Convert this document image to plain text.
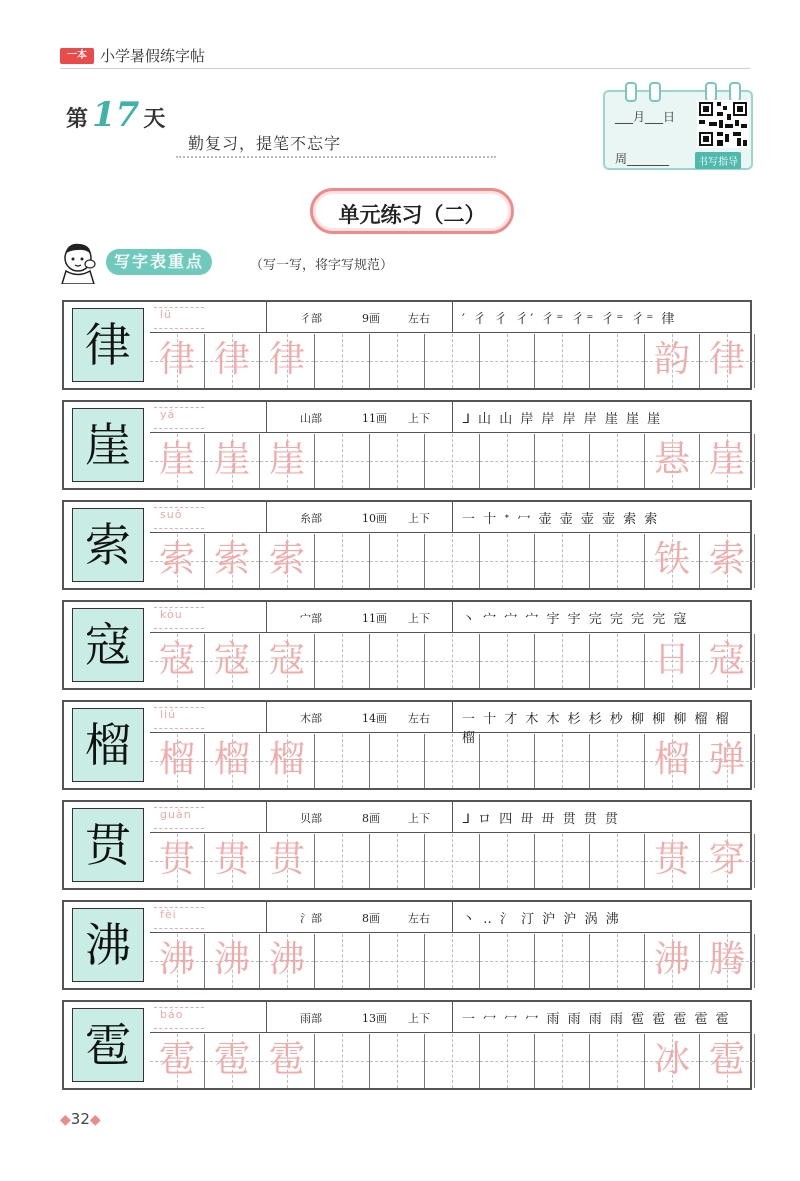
一本 小学暑假练字帖
第 17 天
勤复习，提笔不忘字
___月___日
周_______	书写指导
单元练习（二）
写字表重点	（写一写，将字写规范）
律
lü	彳部	9画	左右 ′ 彳 彳 彳′ 彳⁼ 彳⁼ 彳⁼ 彳⁼ 律
律 律 律	韵 律
崖
yá	山部	11画 上下 ᒧ 山 山 岸 岸 岸 岸 崖 崖 崖
崖 崖 崖	悬 崖
索
suǒ	糸部	10画 上下 一 十 ᐩ 冖 壶 壶 壶 壶 索 索
索 索 索	铁 索
寇
kòu	宀部	11画 上下 丶 宀 宀 宀 宇 宇 完 完 完 完 寇
寇 寇 寇	日 寇
榴
liú	木部	14画 左右 一 十 才 木 木 杉 杉 杪 柳 柳 柳 榴 榴 榴
榴 榴 榴	榴 弹
贯
guàn	贝部	8画	上下 ᒧ ロ 四 毌 毌 贯 贯 贯
贯 贯 贯	贯 穿
沸
fèi	氵部	8画	左右 丶 ‥ 氵 汀 沪 沪 涡 沸
沸 沸 沸	沸 腾
雹
báo	雨部	13画 上下 一 冖 冖 冖 雨 雨 雨 雨 雹 雹 雹 雹 雹
雹 雹 雹	冰 雹
◆32◆
